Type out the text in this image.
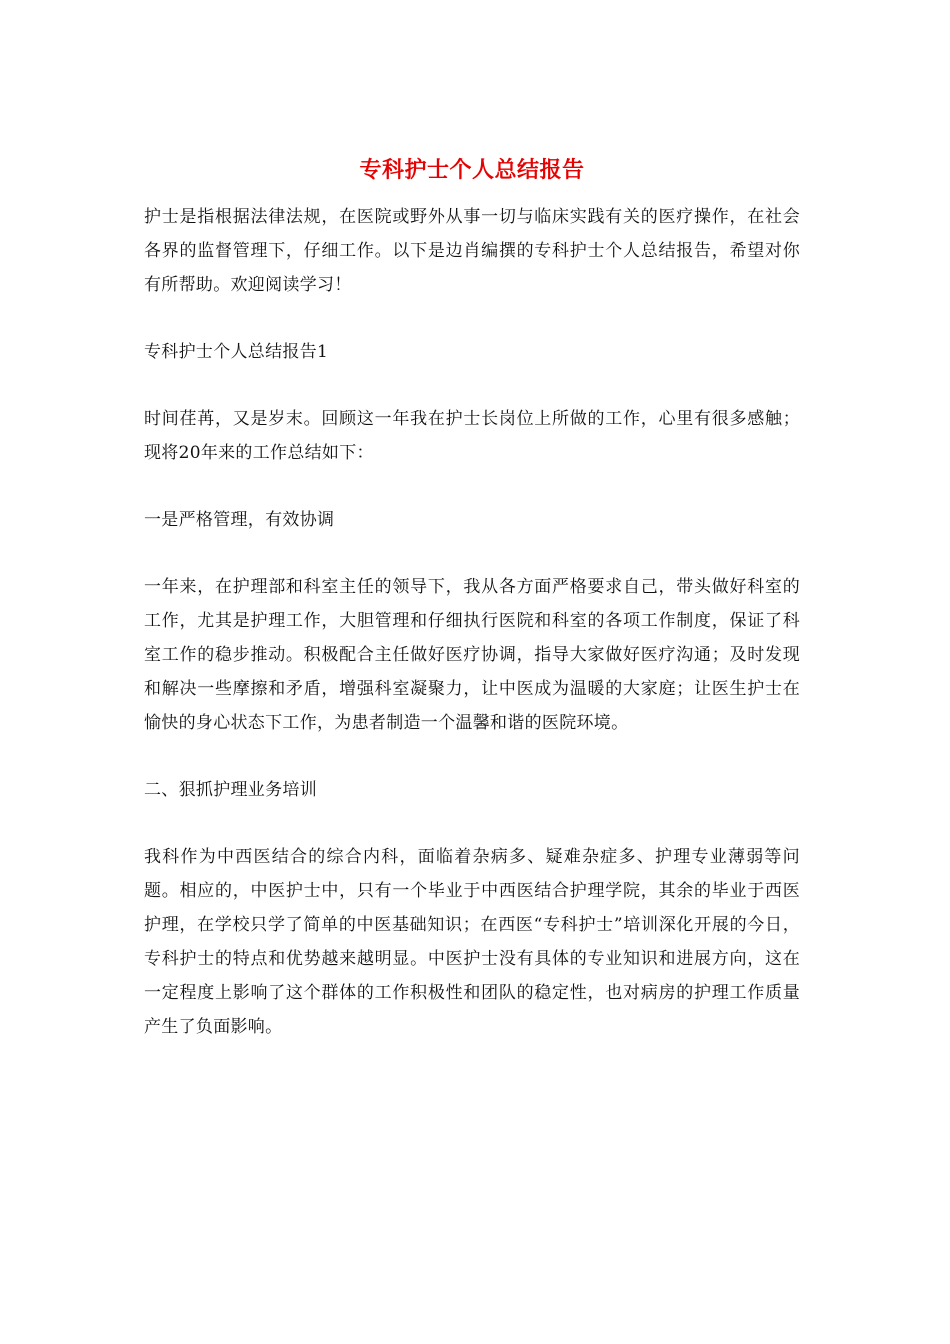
专科护士个人总结报告

护士是指根据法律法规，在医院或野外从事一切与临床实践有关的医疗操作，在社会各界的监督管理下，仔细工作。以下是边肖编撰的专科护士个人总结报告，希望对你有所帮助。欢迎阅读学习！

专科护士个人总结报告1

时间荏苒，又是岁末。回顾这一年我在护士长岗位上所做的工作，心里有很多感触；现将20年来的工作总结如下：

一是严格管理，有效协调

一年来，在护理部和科室主任的领导下，我从各方面严格要求自己，带头做好科室的工作，尤其是护理工作，大胆管理和仔细执行医院和科室的各项工作制度，保证了科室工作的稳步推动。积极配合主任做好医疗协调，指导大家做好医疗沟通；及时发现和解决一些摩擦和矛盾，增强科室凝聚力，让中医成为温暖的大家庭；让医生护士在愉快的身心状态下工作，为患者制造一个温馨和谐的医院环境。

二、狠抓护理业务培训

我科作为中西医结合的综合内科，面临着杂病多、疑难杂症多、护理专业薄弱等问题。相应的，中医护士中，只有一个毕业于中西医结合护理学院，其余的毕业于西医护理，在学校只学了简单的中医基础知识；在西医“专科护士”培训深化开展的今日，专科护士的特点和优势越来越明显。中医护士没有具体的专业知识和进展方向，这在一定程度上影响了这个群体的工作积极性和团队的稳定性，也对病房的护理工作质量产生了负面影响。
